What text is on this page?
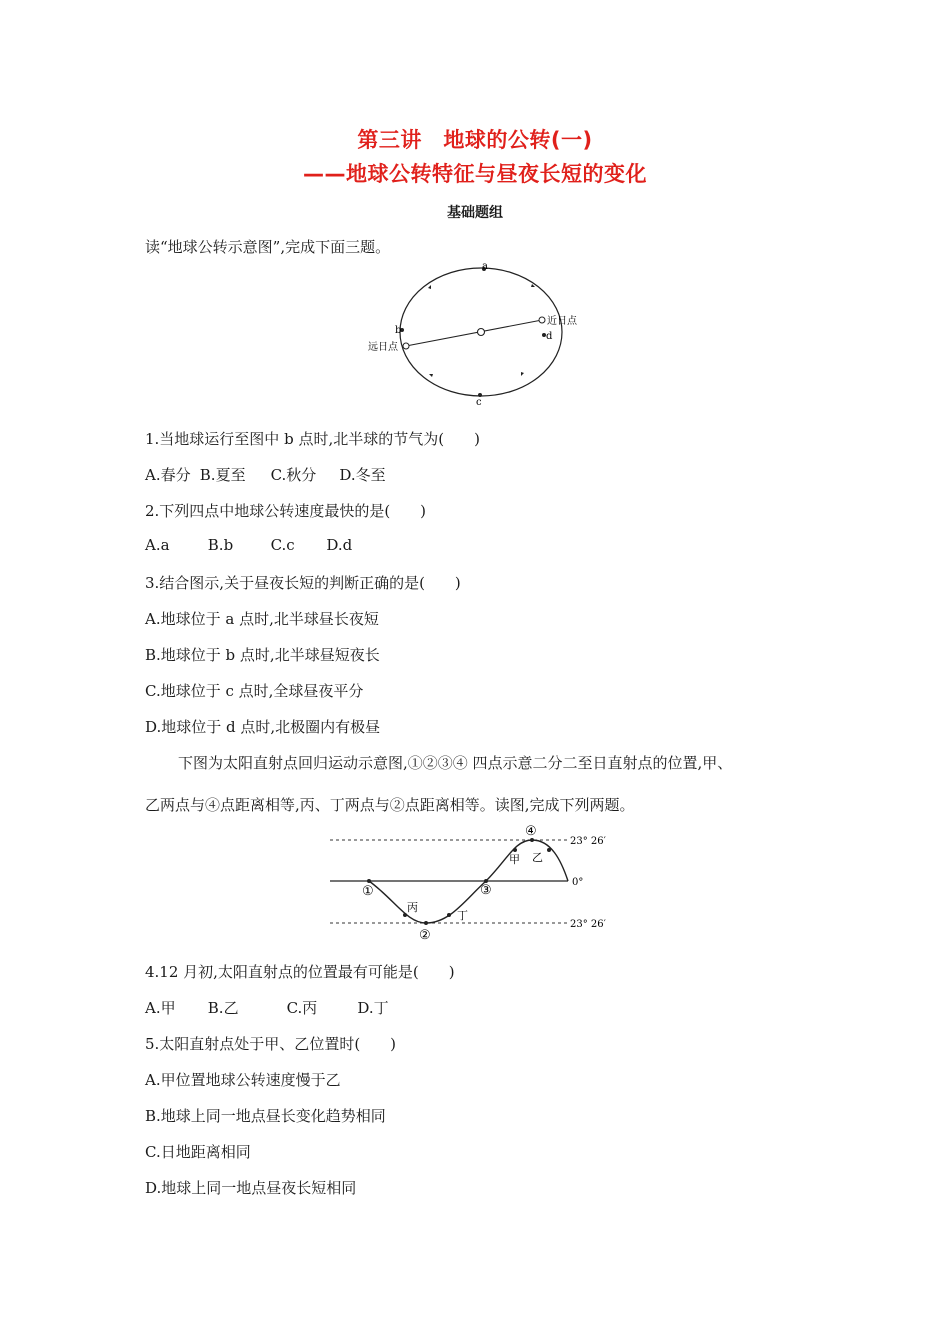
第三讲　地球的公转(一)
——地球公转特征与昼夜长短的变化
基础题组
读“地球公转示意图”,完成下面三题。
a
b
c
d
近日点
远日点
1.当地球运行至图中 b 点时,北半球的节气为(　　)
A.春分 B.夏至 C.秋分 D.冬至
2.下列四点中地球公转速度最快的是(　　)
A.a	B.b C.c D.d
3.结合图示,关于昼夜长短的判断正确的是(　　)
A.地球位于 a 点时,北半球昼长夜短
B.地球位于 b 点时,北半球昼短夜长
C.地球位于 c 点时,全球昼夜平分
D.地球位于 d 点时,北极圈内有极昼
下图为太阳直射点回归运动示意图,①②③④ 四点示意二分二至日直射点的位置,甲、
乙两点与④点距离相等,丙、丁两点与②点距离相等。读图,完成下列两题。
①
②
③
④
甲 乙
丙
丁
23° 26′
0°
23° 26′
4.12 月初,太阳直射点的位置最有可能是(　　)
A.甲 B.乙	C.丙	D.丁
5.太阳直射点处于甲、乙位置时(　　)
A.甲位置地球公转速度慢于乙
B.地球上同一地点昼长变化趋势相同
C.日地距离相同
D.地球上同一地点昼夜长短相同
